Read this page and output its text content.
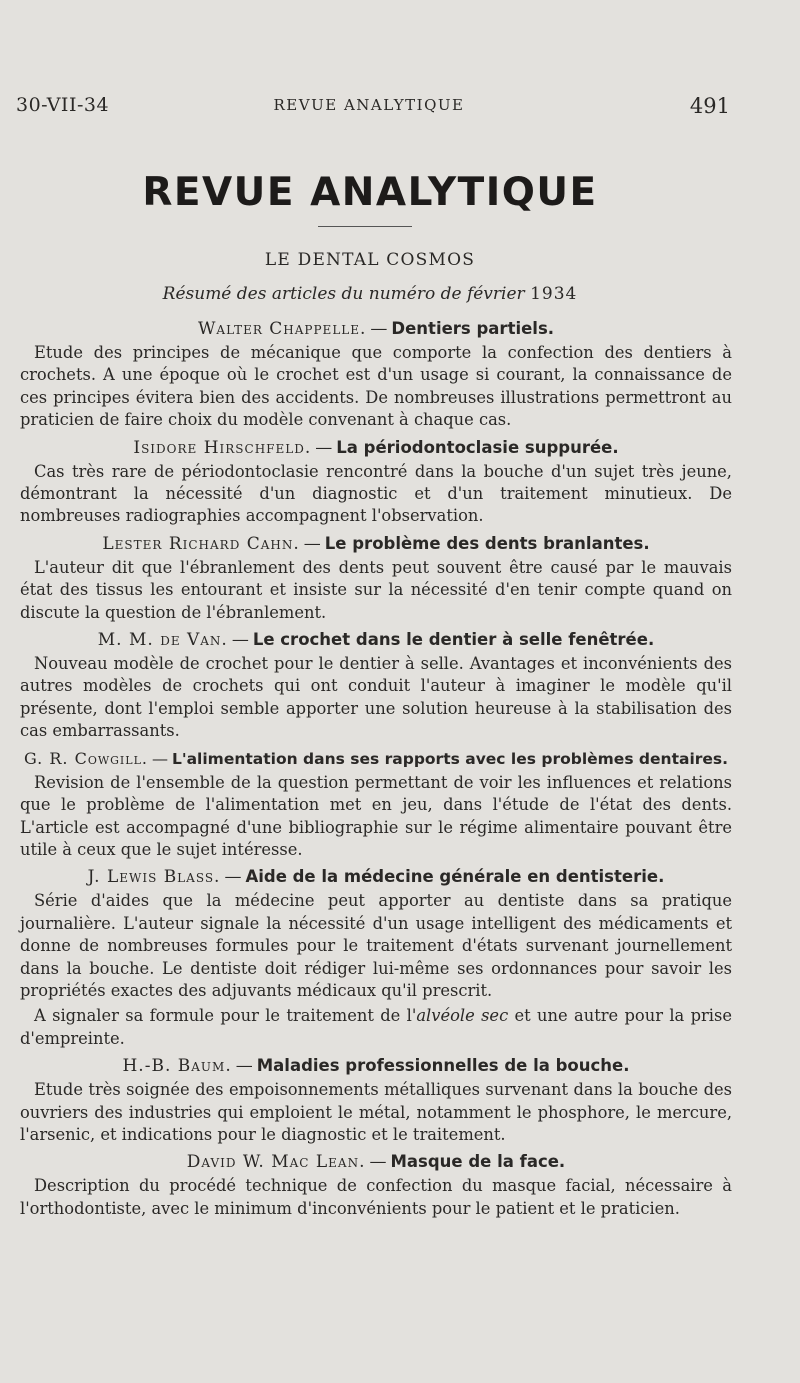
30-VII-34	REVUE ANALYTIQUE	491
REVUE ANALYTIQUE
LE DENTAL COSMOS
Résumé des articles du numéro de février 1934

Walter Chappelle. — Dentiers partiels.

Etude des principes de mécanique que comporte la confection des dentiers à crochets. A une époque où le crochet est d'un usage si courant, la connaissance de ces principes évitera bien des accidents. De nombreuses illustrations permettront au praticien de faire choix du modèle convenant à chaque cas.

Isidore Hirschfeld. — La périodontoclasie suppurée.

Cas très rare de périodontoclasie rencontré dans la bouche d'un sujet très jeune, démontrant la nécessité d'un diagnostic et d'un traitement minutieux. De nombreuses radiographies accompagnent l'observation.

Lester Richard Cahn. — Le problème des dents branlantes.

L'auteur dit que l'ébranlement des dents peut souvent être causé par le mauvais état des tissus les entourant et insiste sur la nécessité d'en tenir compte quand on discute la question de l'ébranlement.

M. M. de Van. — Le crochet dans le dentier à selle fenêtrée.

Nouveau modèle de crochet pour le dentier à selle. Avantages et inconvénients des autres modèles de crochets qui ont conduit l'auteur à imaginer le modèle qu'il présente, dont l'emploi semble apporter une solution heureuse à la stabilisation des cas embarrassants.

G. R. Cowgill. — L'alimentation dans ses rapports avec les problèmes dentaires.

Revision de l'ensemble de la question permettant de voir les influences et relations que le problème de l'alimentation met en jeu, dans l'étude de l'état des dents. L'article est accompagné d'une bibliographie sur le régime alimentaire pouvant être utile à ceux que le sujet intéresse.

J. Lewis Blass. — Aide de la médecine générale en dentisterie.

Série d'aides que la médecine peut apporter au dentiste dans sa pratique journalière. L'auteur signale la nécessité d'un usage intelligent des médicaments et donne de nombreuses formules pour le traitement d'états survenant journellement dans la bouche. Le dentiste doit rédiger lui-même ses ordonnances pour savoir les propriétés exactes des adjuvants médicaux qu'il prescrit.

A signaler sa formule pour le traitement de l'alvéole sec et une autre pour la prise d'empreinte.

H.-B. Baum. — Maladies professionnelles de la bouche.

Etude très soignée des empoisonnements métalliques survenant dans la bouche des ouvriers des industries qui emploient le métal, notamment le phosphore, le mercure, l'arsenic, et indications pour le diagnostic et le traitement.

David W. Mac Lean. — Masque de la face.

Description du procédé technique de confection du masque facial, nécessaire à l'orthodontiste, avec le minimum d'inconvénients pour le patient et le praticien.
